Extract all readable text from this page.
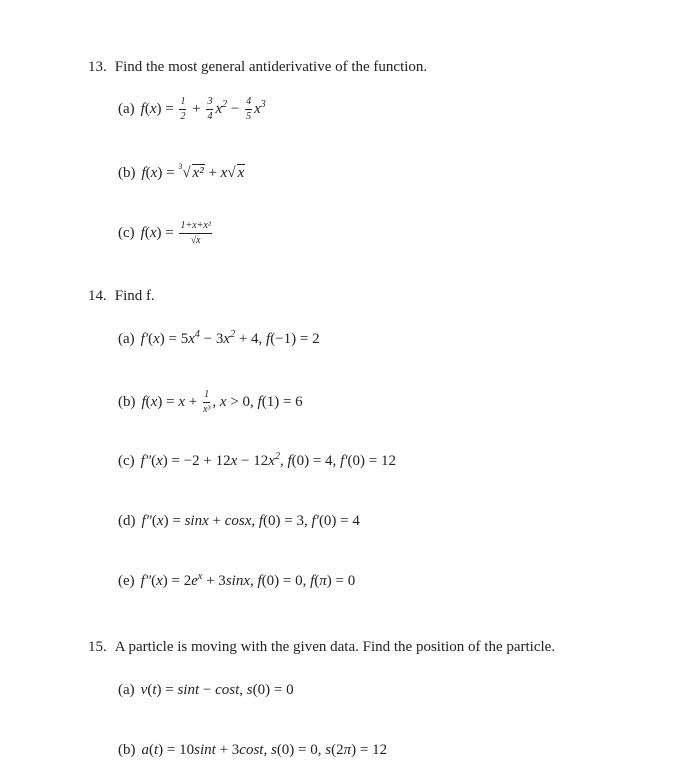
13. Find the most general antiderivative of the function.
(a) $f(x) = \frac{1}{2} + \frac{3}{4} x^2 - \frac{4}{5} x^3$
(b) f(x) = $^3$√ x² + x√ x
(c) $f(x) = \frac{\text{1+x+x²}}{√x}$
14. Find f.
(a) $f'(x) = 5x^4 - 3x^2 + 4$, f(−1) = 2
(b) $f(x) = x + \frac{1}{\text{x³}}$ , x > 0, f(1) = 6
(c) $f''(x) = -2 + 12x - 12x^2$, f(0) = 4, f′(0) = 12
(d) f″(x) = sinx + cosx, f(0) = 3, f′(0) = 4
(e) $f''(x) = 2e^x + 3\sin x$, f(0) = 0, f(π) = 0
15. A particle is moving with the given data. Find the position of the particle.
(a) v(t) = sint − cost, s(0) = 0
(b) a(t) = 10sint + 3cost, s(0) = 0, s(2π) = 12
